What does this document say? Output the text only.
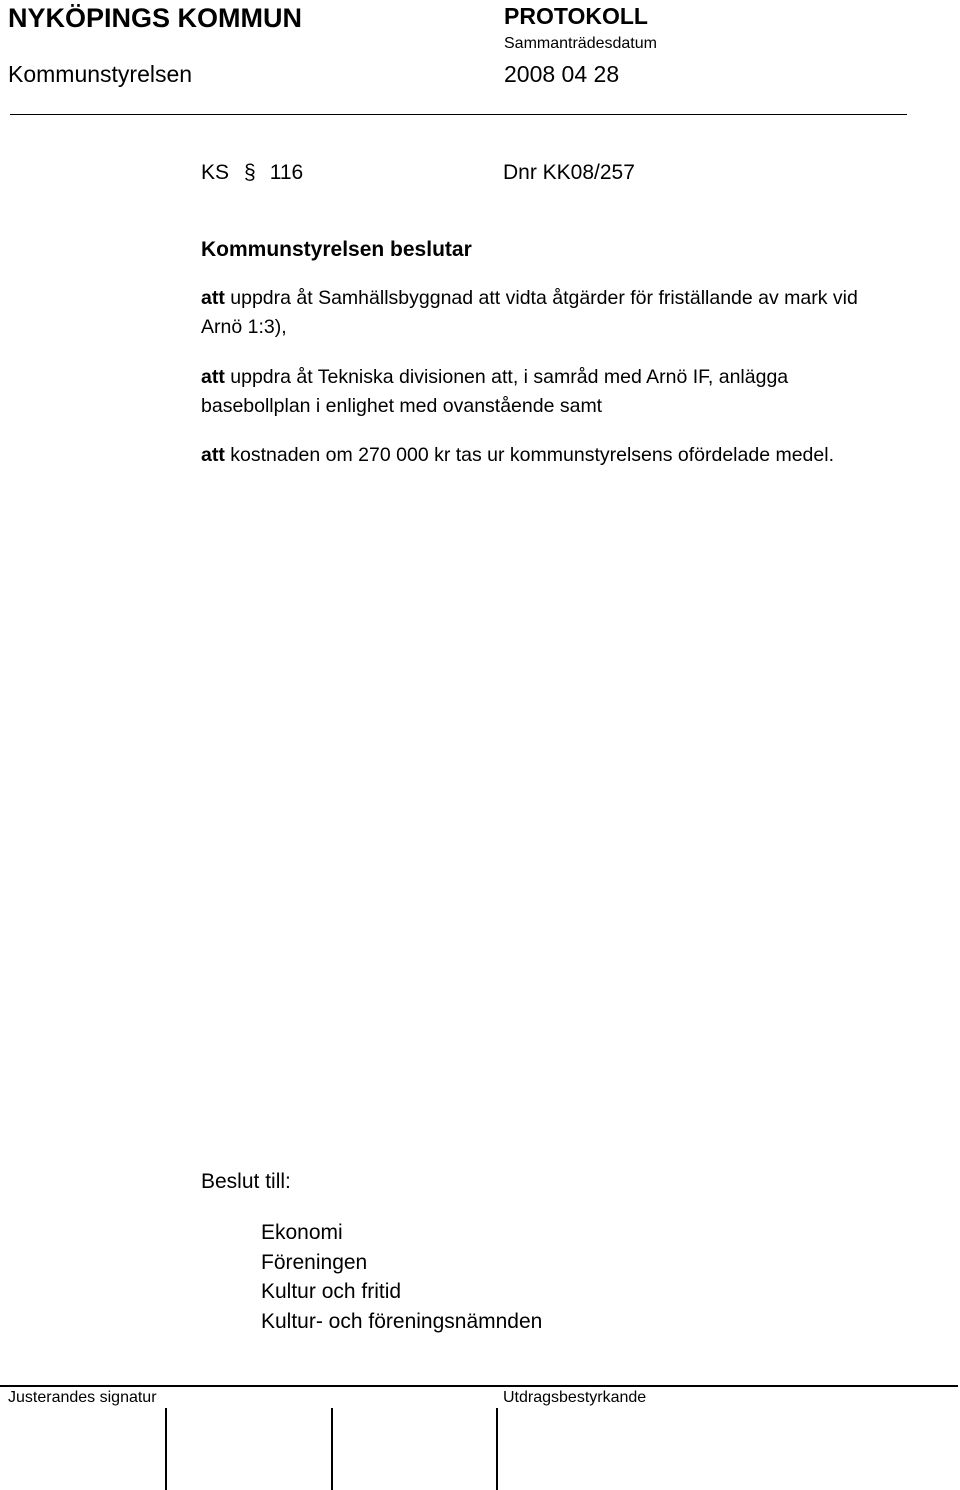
NYKÖPINGS KOMMUN
Kommunstyrelsen
PROTOKOLL
Sammanträdesdatum
2008 04 28
KS § 116	Dnr KK08/257
Kommunstyrelsen beslutar
att uppdra åt Samhällsbyggnad att vidta åtgärder för friställande av mark vid Arnö 1:3),
att uppdra åt Tekniska divisionen att, i samråd med Arnö IF, anlägga basebollplan i enlighet med ovanstående samt
att kostnaden om 270 000 kr tas ur kommunstyrelsens ofördelade medel.
Beslut till:
Ekonomi
Föreningen
Kultur och fritid
Kultur- och föreningsnämnden
Justerandes signatur	Utdragsbestyrkande
